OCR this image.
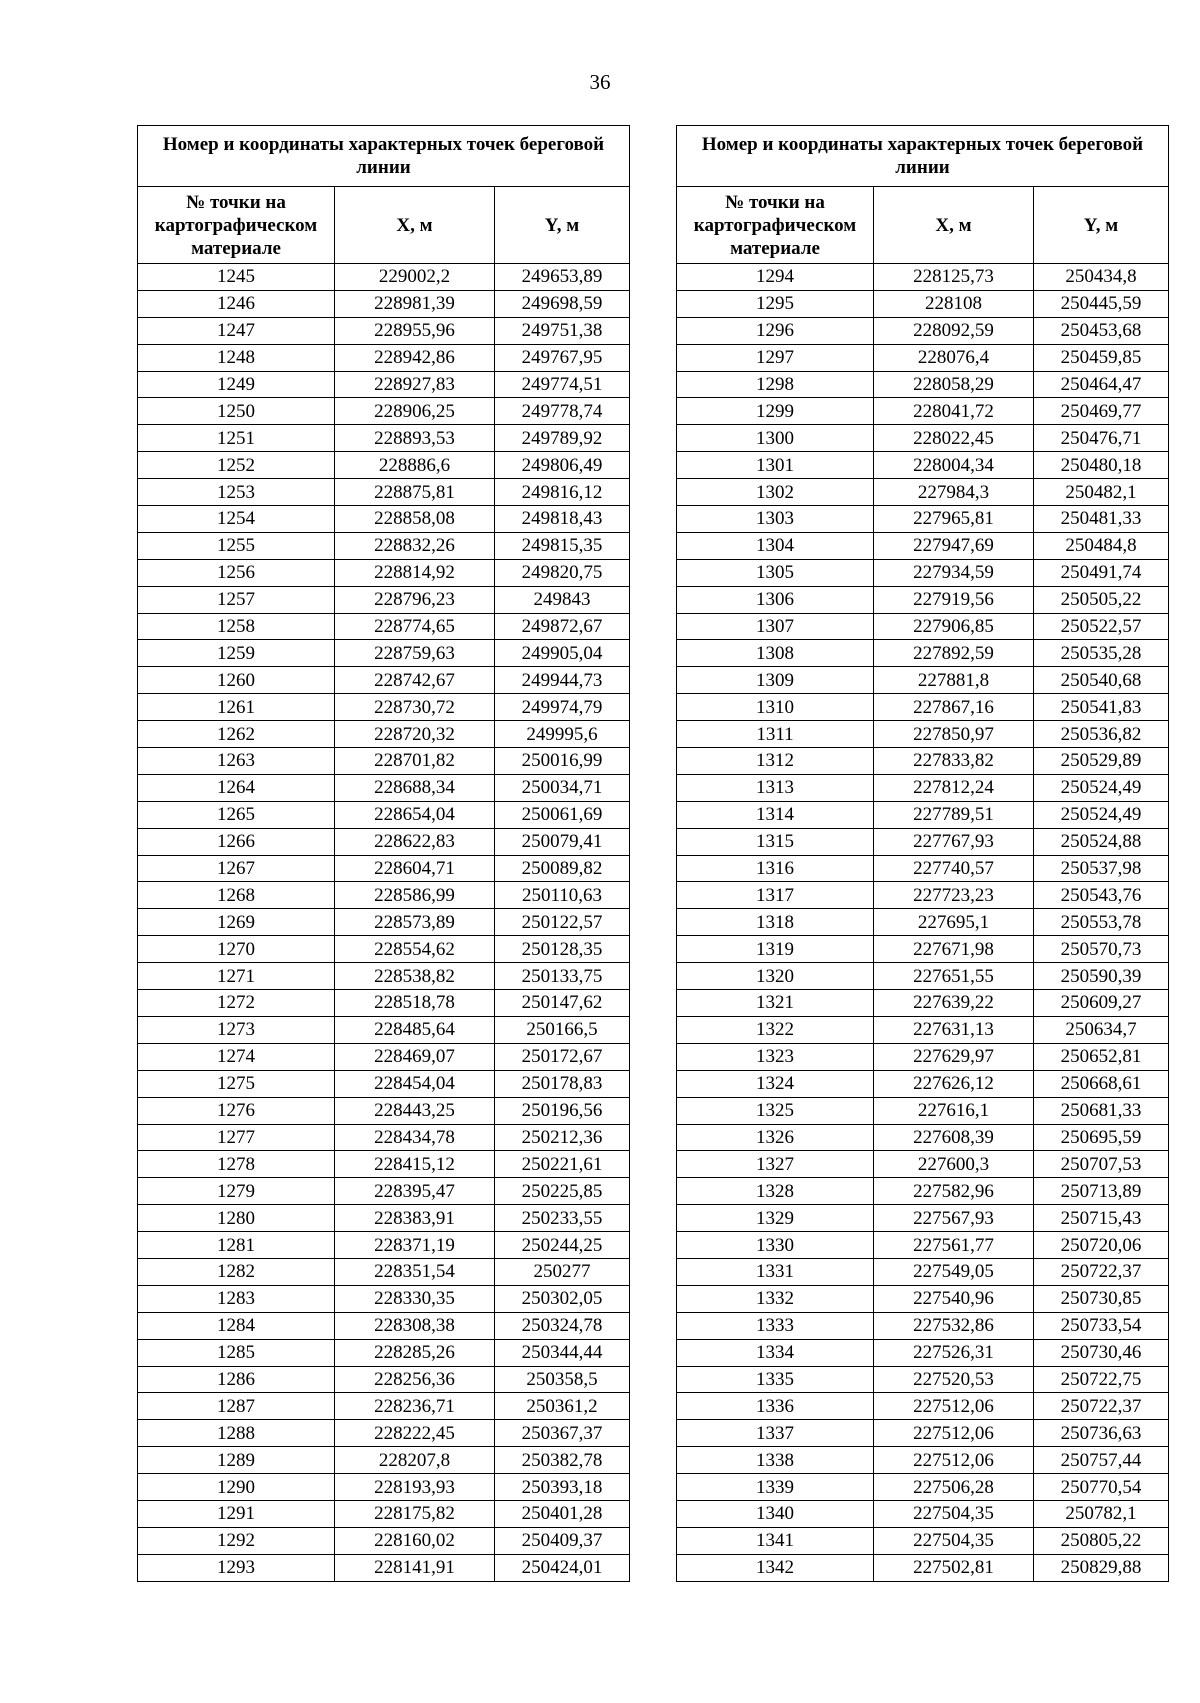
36
Номер и координаты характерных точек береговой линии		
№ точки на картографическом материале	X, м	Y, м
1245	229002,2	249653,89
1246	228981,39	249698,59
1247	228955,96	249751,38
1248	228942,86	249767,95
1249	228927,83	249774,51
1250	228906,25	249778,74
1251	228893,53	249789,92
1252	228886,6	249806,49
1253	228875,81	249816,12
1254	228858,08	249818,43
1255	228832,26	249815,35
1256	228814,92	249820,75
1257	228796,23	249843
1258	228774,65	249872,67
1259	228759,63	249905,04
1260	228742,67	249944,73
1261	228730,72	249974,79
1262	228720,32	249995,6
1263	228701,82	250016,99
1264	228688,34	250034,71
1265	228654,04	250061,69
1266	228622,83	250079,41
1267	228604,71	250089,82
1268	228586,99	250110,63
1269	228573,89	250122,57
1270	228554,62	250128,35
1271	228538,82	250133,75
1272	228518,78	250147,62
1273	228485,64	250166,5
1274	228469,07	250172,67
1275	228454,04	250178,83
1276	228443,25	250196,56
1277	228434,78	250212,36
1278	228415,12	250221,61
1279	228395,47	250225,85
1280	228383,91	250233,55
1281	228371,19	250244,25
1282	228351,54	250277
1283	228330,35	250302,05
1284	228308,38	250324,78
1285	228285,26	250344,44
1286	228256,36	250358,5
1287	228236,71	250361,2
1288	228222,45	250367,37
1289	228207,8	250382,78
1290	228193,93	250393,18
1291	228175,82	250401,28
1292	228160,02	250409,37
1293	228141,91	250424,01
Номер и координаты характерных точек береговой линии		
№ точки на картографическом материале	X, м	Y, м
1294	228125,73	250434,8
1295	228108	250445,59
1296	228092,59	250453,68
1297	228076,4	250459,85
1298	228058,29	250464,47
1299	228041,72	250469,77
1300	228022,45	250476,71
1301	228004,34	250480,18
1302	227984,3	250482,1
1303	227965,81	250481,33
1304	227947,69	250484,8
1305	227934,59	250491,74
1306	227919,56	250505,22
1307	227906,85	250522,57
1308	227892,59	250535,28
1309	227881,8	250540,68
1310	227867,16	250541,83
1311	227850,97	250536,82
1312	227833,82	250529,89
1313	227812,24	250524,49
1314	227789,51	250524,49
1315	227767,93	250524,88
1316	227740,57	250537,98
1317	227723,23	250543,76
1318	227695,1	250553,78
1319	227671,98	250570,73
1320	227651,55	250590,39
1321	227639,22	250609,27
1322	227631,13	250634,7
1323	227629,97	250652,81
1324	227626,12	250668,61
1325	227616,1	250681,33
1326	227608,39	250695,59
1327	227600,3	250707,53
1328	227582,96	250713,89
1329	227567,93	250715,43
1330	227561,77	250720,06
1331	227549,05	250722,37
1332	227540,96	250730,85
1333	227532,86	250733,54
1334	227526,31	250730,46
1335	227520,53	250722,75
1336	227512,06	250722,37
1337	227512,06	250736,63
1338	227512,06	250757,44
1339	227506,28	250770,54
1340	227504,35	250782,1
1341	227504,35	250805,22
1342	227502,81	250829,88
